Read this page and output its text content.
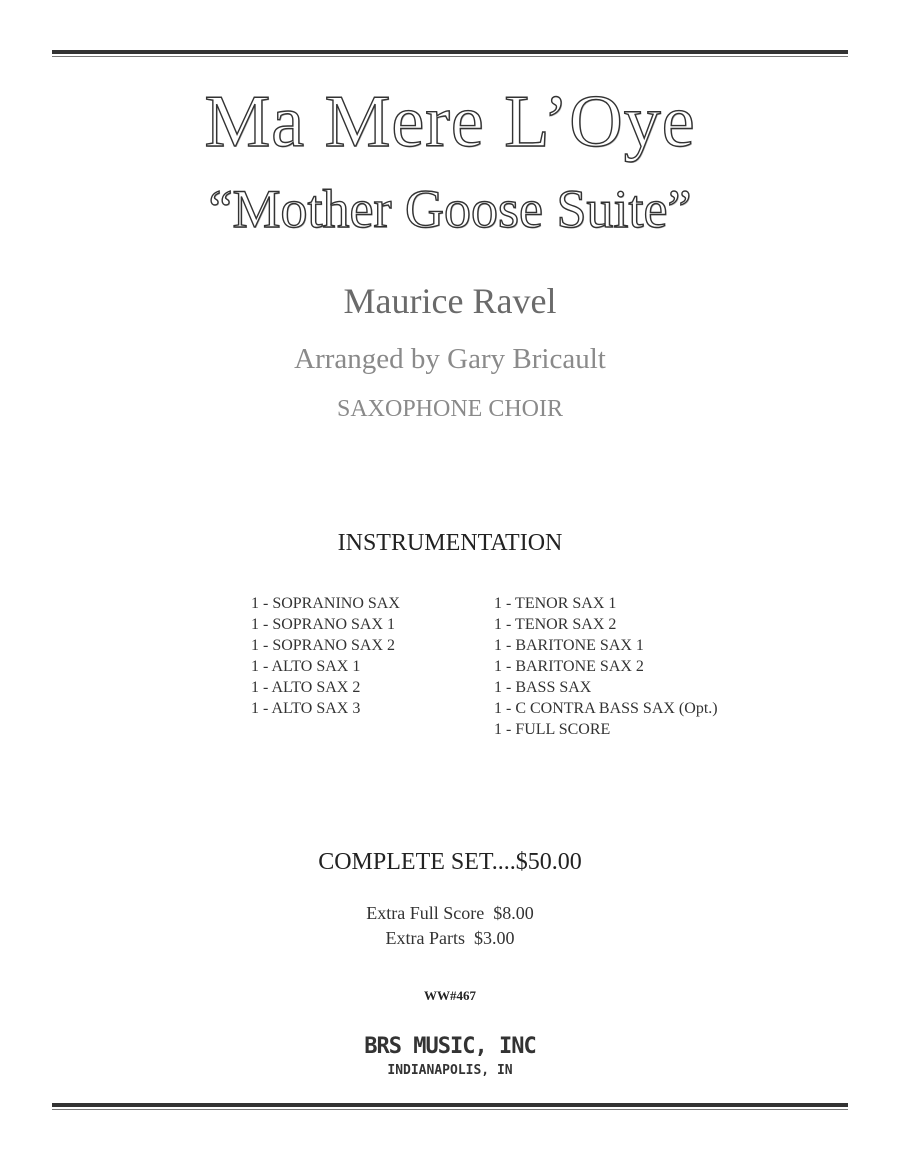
Ma Mere L’Oye
“Mother Goose Suite”
Maurice Ravel
Arranged by Gary Bricault
SAXOPHONE CHOIR
INSTRUMENTATION
1 - SOPRANINO SAX
1 - SOPRANO SAX 1
1 - SOPRANO SAX 2
1 - ALTO SAX 1
1 - ALTO SAX 2
1 - ALTO SAX 3
1 - TENOR SAX 1
1 - TENOR SAX 2
1 - BARITONE SAX 1
1 - BARITONE SAX 2
1 - BASS SAX
1 - C CONTRA BASS SAX (Opt.)
1 - FULL SCORE
COMPLETE SET....$50.00
Extra Full Score  $8.00
Extra Parts  $3.00
WW#467
BRS MUSIC, INC
INDIANAPOLIS, IN
